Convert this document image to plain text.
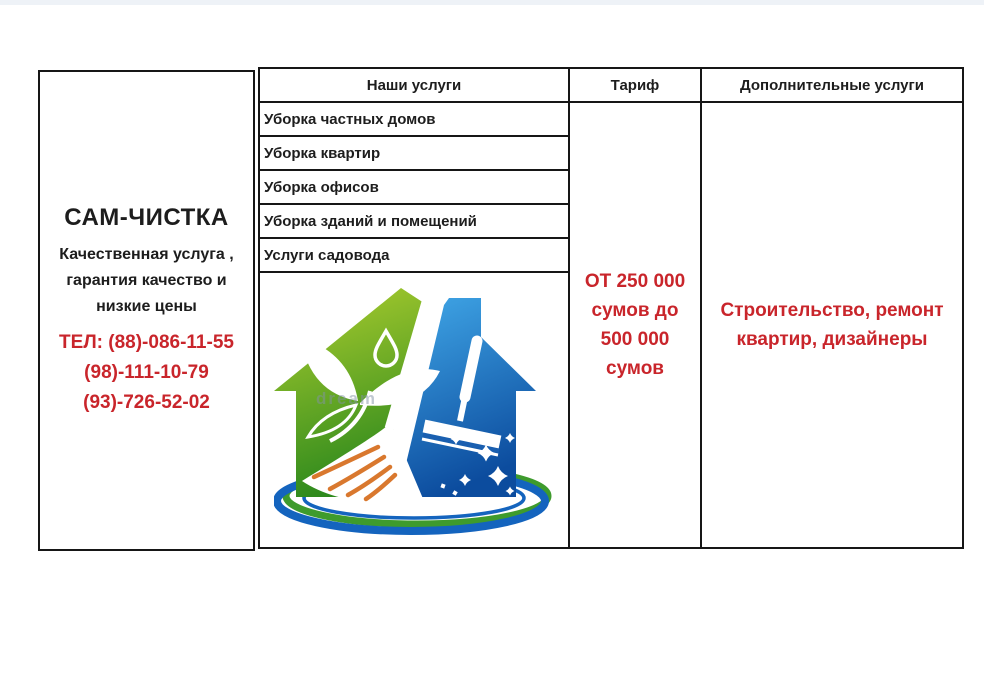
САМ-ЧИСТКА
Качественная услуга ,
гарантия качество и
низкие цены
ТЕЛ: (88)-086-11-55
(98)-111-10-79
(93)-726-52-02
Наши услуги	Тариф	Дополнительные услуги
Уборка частных домов
Уборка квартир
Уборка офисов
Уборка зданий и помещений
Услуги садовода
dream
ОТ 250 000
сумов до
500 000
сумов
Строительство, ремонт квартир, дизайнеры
